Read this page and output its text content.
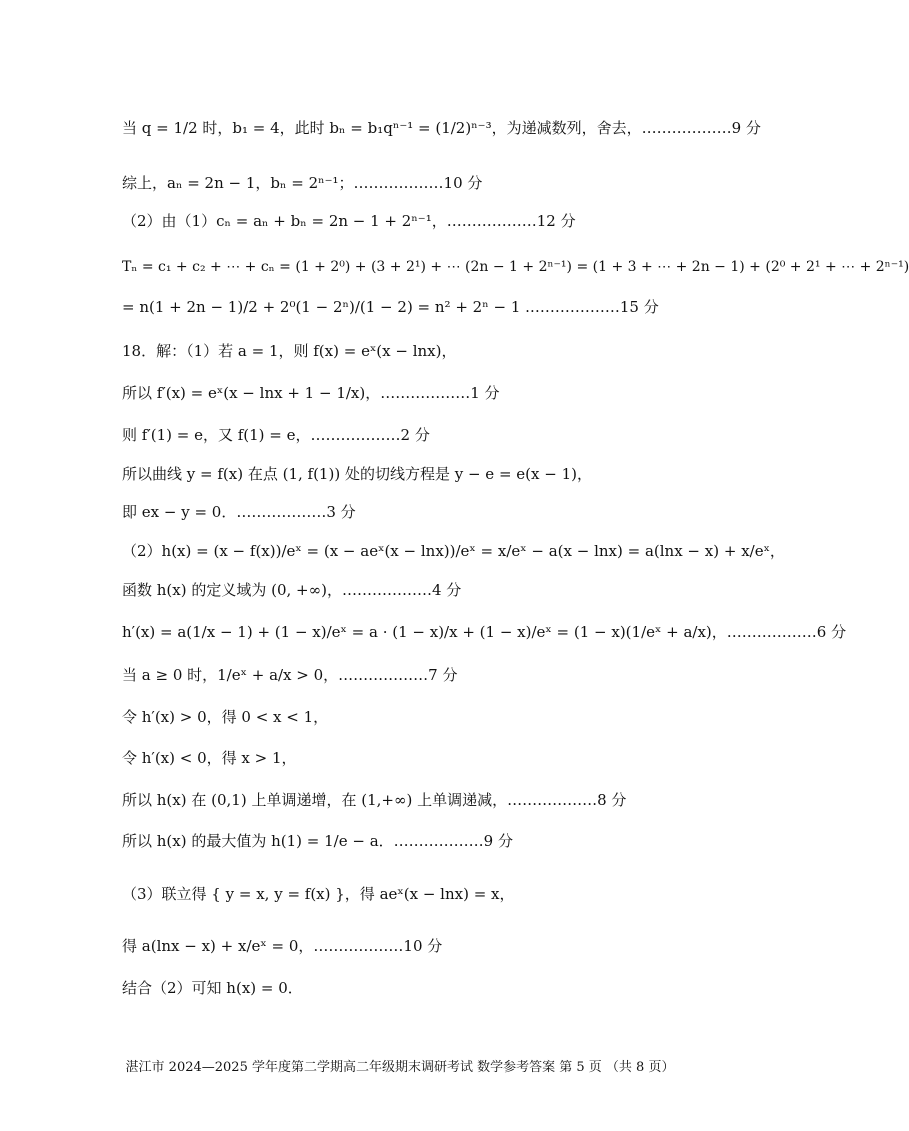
当 q = 1/2 时，b₁ = 4，此时 bₙ = b₁qⁿ⁻¹ = (1/2)ⁿ⁻³，为递减数列，舍去，………………9 分
综上，aₙ = 2n − 1，bₙ = 2ⁿ⁻¹；………………10 分
（2）由（1）cₙ = aₙ + bₙ = 2n − 1 + 2ⁿ⁻¹，………………12 分
Tₙ = c₁ + c₂ + ⋯ + cₙ = (1 + 2⁰) + (3 + 2¹) + ⋯ (2n − 1 + 2ⁿ⁻¹) = (1 + 3 + ⋯ + 2n − 1) + (2⁰ + 2¹ + ⋯ + 2ⁿ⁻¹)
= n(1 + 2n − 1)/2 + 2⁰(1 − 2ⁿ)/(1 − 2) = n² + 2ⁿ − 1 .………………15 分
18．解：（1）若 a = 1，则 f(x) = eˣ(x − lnx)，
所以 f′(x) = eˣ(x − lnx + 1 − 1/x)，………………1 分
则 f′(1) = e，又 f(1) = e，………………2 分
所以曲线 y = f(x) 在点 (1, f(1)) 处的切线方程是 y − e = e(x − 1)，
即 ex − y = 0．………………3 分
（2）h(x) = (x − f(x))/eˣ = (x − aeˣ(x − lnx))/eˣ = x/eˣ − a(x − lnx) = a(lnx − x) + x/eˣ，
函数 h(x) 的定义域为 (0, +∞)，………………4 分
h′(x) = a(1/x − 1) + (1 − x)/eˣ = a · (1 − x)/x + (1 − x)/eˣ = (1 − x)(1/eˣ + a/x)，………………6 分
当 a ≥ 0 时，1/eˣ + a/x > 0，………………7 分
令 h′(x) > 0，得 0 < x < 1，
令 h′(x) < 0，得 x > 1，
所以 h(x) 在 (0,1) 上单调递增，在 (1,+∞) 上单调递减，………………8 分
所以 h(x) 的最大值为 h(1) = 1/e − a．………………9 分
（3）联立得 { y = x, y = f(x) }，得 aeˣ(x − lnx) = x，
得 a(lnx − x) + x/eˣ = 0，………………10 分
结合（2）可知 h(x) = 0．
湛江市 2024—2025 学年度第二学期高二年级期末调研考试 数学参考答案 第 5 页 （共 8 页）
